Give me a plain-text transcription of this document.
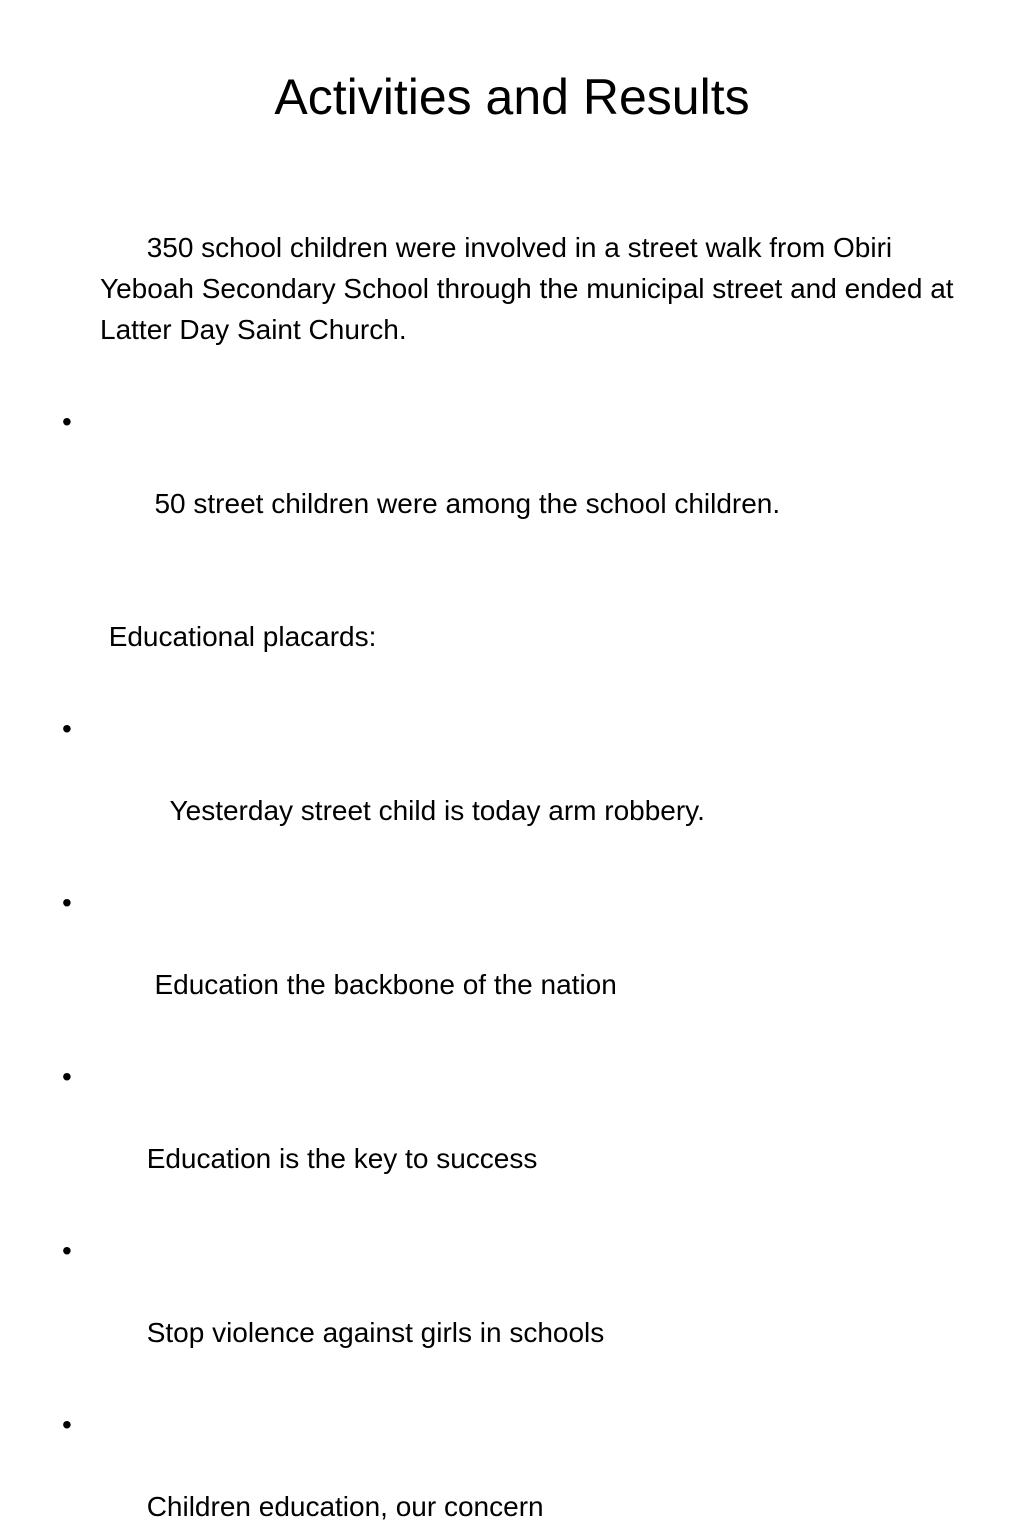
Activities and Results

350 school children were involved in a street walk from Obiri  Yeboah Secondary School through the municipal street and ended at Latter Day Saint Church.

•

50 street children were among the school children.

Educational placards:

•

Yesterday street child is today arm robbery.

•

Education the backbone of the nation

•

Education is the key to success

•

Stop violence against girls in schools

•

Children education, our concern
